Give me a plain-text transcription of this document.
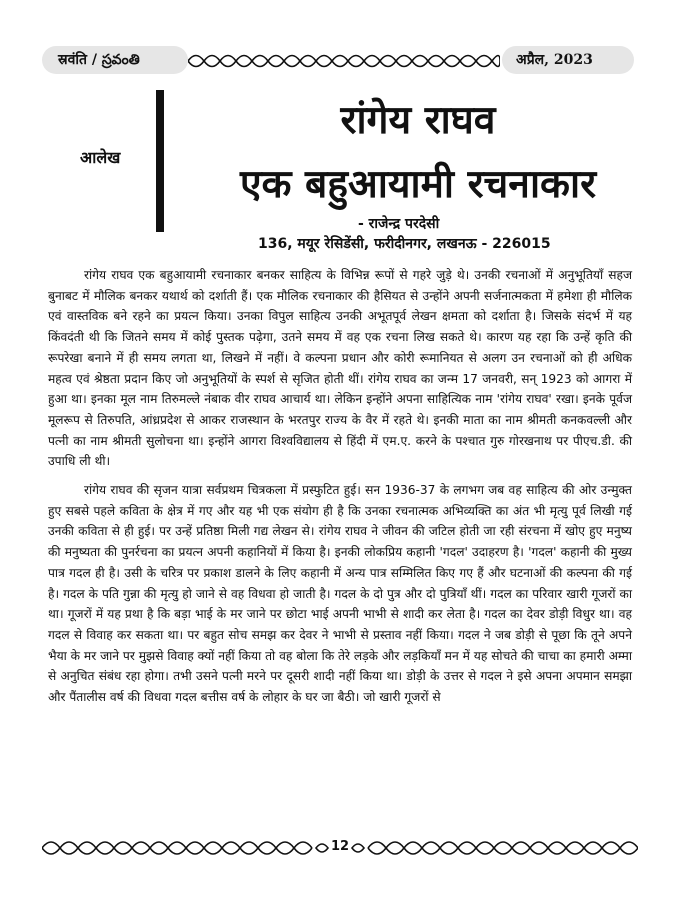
स्रवंति / ‌స్రవంతి	अप्रैल, 2023
आलेख
रांगेय राघव
एक बहुआयामी रचनाकार
- राजेन्द्र परदेसी
136, मयूर रेसिडेंसी, फरीदीनगर, लखनऊ - 226015

रांगेय राघव एक बहुआयामी रचनाकार बनकर साहित्य के विभिन्न रूपों से गहरे जुड़े थे। उनकी रचनाओं में अनुभूतियाँ सहज बुनाबट में मौलिक बनकर यथार्थ को दर्शाती हैं। एक मौलिक रचनाकार की हैसियत से उन्होंने अपनी सर्जनात्मकता में हमेशा ही मौलिक एवं वास्तविक बने रहने का प्रयत्न किया। उनका विपुल साहित्य उनकी अभूतपूर्व लेखन क्षमता को दर्शाता है। जिसके संदर्भ में यह किंवदंती थी कि जितने समय में कोई पुस्तक पढ़ेगा, उतने समय में वह एक रचना लिख सकते थे। कारण यह रहा कि उन्हें कृति की रूपरेखा बनाने में ही समय लगता था, लिखने में नहीं। वे कल्पना प्रधान और कोरी रूमानियत से अलग उन रचनाओं को ही अधिक महत्व एवं श्रेष्ठता प्रदान किए जो अनुभूतियों के स्पर्श से सृजित होती थीं। रांगेय राघव का जन्म 17 जनवरी, सन् 1923 को आगरा में हुआ था। इनका मूल नाम तिरुमल्ले नंबाक वीर राघव आचार्य था। लेकिन इन्होंने अपना साहित्यिक नाम 'रांगेय राघव' रखा। इनके पूर्वज मूलरूप से तिरुपति, आंध्रप्रदेश से आकर राजस्थान के भरतपुर राज्य के वैर में रहते थे। इनकी माता का नाम श्रीमती कनकवल्ली और पत्नी का नाम श्रीमती सुलोचना था। इन्होंने आगरा विश्वविद्यालय से हिंदी में एम.ए. करने के पश्चात गुरु गोरखनाथ पर पीएच.डी. की उपाधि ली थी।

रांगेय राघव की सृजन यात्रा सर्वप्रथम चित्रकला में प्रस्फुटित हुई। सन 1936-37 के लगभग जब वह साहित्य की ओर उन्मुक्त हुए सबसे पहले कविता के क्षेत्र में गए और यह भी एक संयोग ही है कि उनका रचनात्मक अभिव्यक्ति का अंत भी मृत्यु पूर्व लिखी गई उनकी कविता से ही हुई। पर उन्हें प्रतिष्ठा मिली गद्य लेखन से। रांगेय राघव ने जीवन की जटिल होती जा रही संरचना में खोए हुए मनुष्य की मनुष्यता की पुनर्रचना का प्रयत्न अपनी कहानियों में किया है। इनकी लोकप्रिय कहानी 'गदल' उदाहरण है। 'गदल' कहानी की मुख्य पात्र गदल ही है। उसी के चरित्र पर प्रकाश डालने के लिए कहानी में अन्य पात्र सम्मिलित किए गए हैं और घटनाओं की कल्पना की गई है। गदल के पति गुन्ना की मृत्यु हो जाने से वह विधवा हो जाती है। गदल के दो पुत्र और दो पुत्रियाँ थीं। गदल का परिवार खारी गूजरों का था। गूजरों में यह प्रथा है कि बड़ा भाई के मर जाने पर छोटा भाई अपनी भाभी से शादी कर लेता है। गदल का देवर डोड़ी विधुर था। वह गदल से विवाह कर सकता था। पर बहुत सोच समझ कर देवर ने भाभी से प्रस्ताव नहीं किया। गदल ने जब डोड़ी से पूछा कि तूने अपने भैया के मर जाने पर मुझसे विवाह क्यों नहीं किया तो वह बोला कि तेरे लड़के और लड़कियाँ मन में यह सोचते की चाचा का हमारी अम्मा से अनुचित संबंध रहा होगा। तभी उसने पत्नी मरने पर दूसरी शादी नहीं किया था। डोड़ी के उत्तर से गदल ने इसे अपना अपमान समझा और पैंतालीस वर्ष की विधवा गदल बत्तीस वर्ष के लोहार के घर जा बैठी। जो खारी गूजरों से

12
